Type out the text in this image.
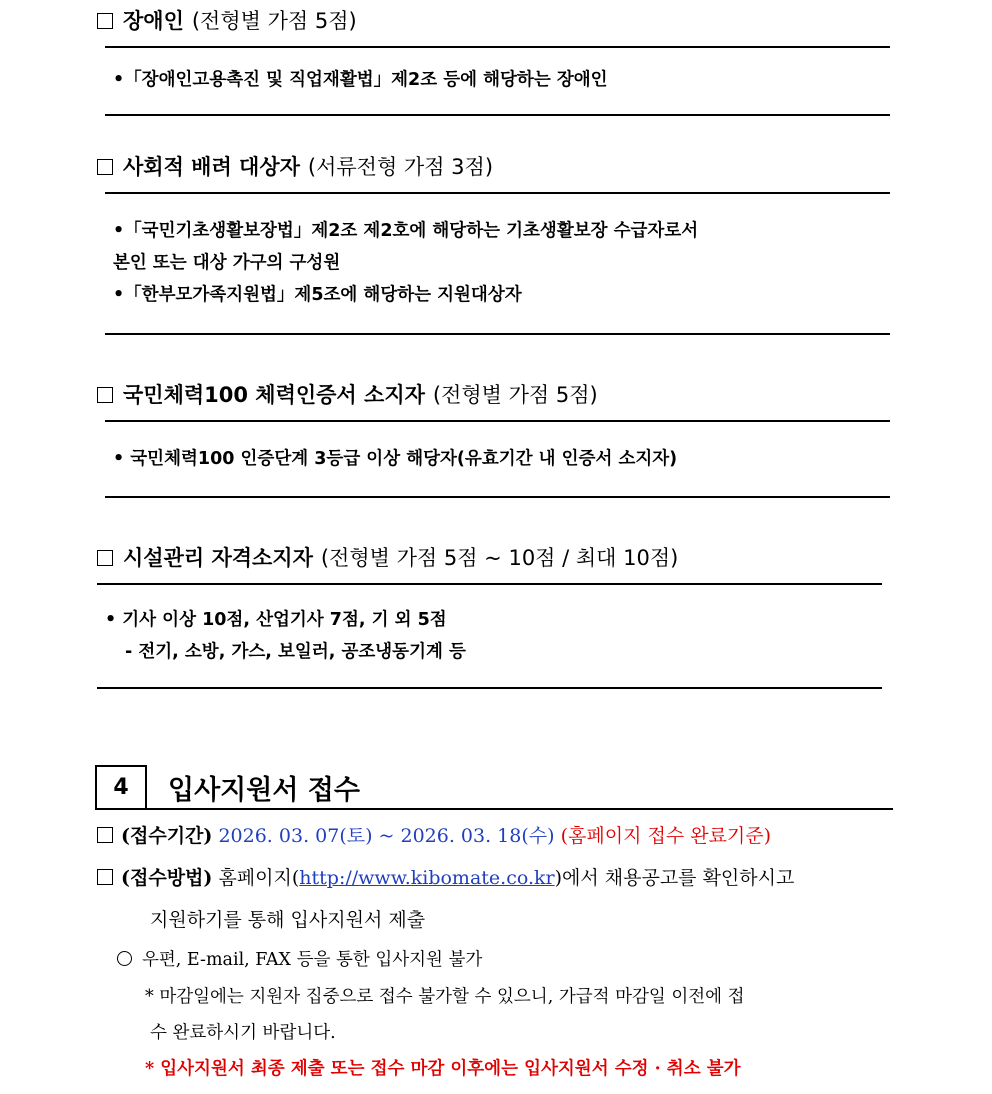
장애인 (전형별 가점 5점)
•「장애인고용촉진 및 직업재활법」제2조 등에 해당하는 장애인
사회적 배려 대상자 (서류전형 가점 3점)
•「국민기초생활보장법」제2조 제2호에 해당하는 기초생활보장 수급자로서
본인 또는 대상 가구의 구성원
•「한부모가족지원법」제5조에 해당하는 지원대상자
국민체력100 체력인증서 소지자 (전형별 가점 5점)
• 국민체력100 인증단계 3등급 이상 해당자(유효기간 내 인증서 소지자)
시설관리 자격소지자 (전형별 가점 5점 ~ 10점 / 최대 10점)
• 기사 이상 10점, 산업기사 7점, 기 외 5점
- 전기, 소방, 가스, 보일러, 공조냉동기계 등
4	입사지원서 접수
(접수기간) 2026. 03. 07(토) ~ 2026. 03. 18(수) (홈페이지 접수 완료기준)
(접수방법) 홈페이지(http://www.kibomate.co.kr)에서 채용공고를 확인하시고
지원하기를 통해 입사지원서 제출
우편, E-mail, FAX 등을 통한 입사지원 불가
* 마감일에는 지원자 집중으로 접수 불가할 수 있으니, 가급적 마감일 이전에 접
수 완료하시기 바랍니다.
* 입사지원서 최종 제출 또는 접수 마감 이후에는 입사지원서 수정 · 취소 불가
